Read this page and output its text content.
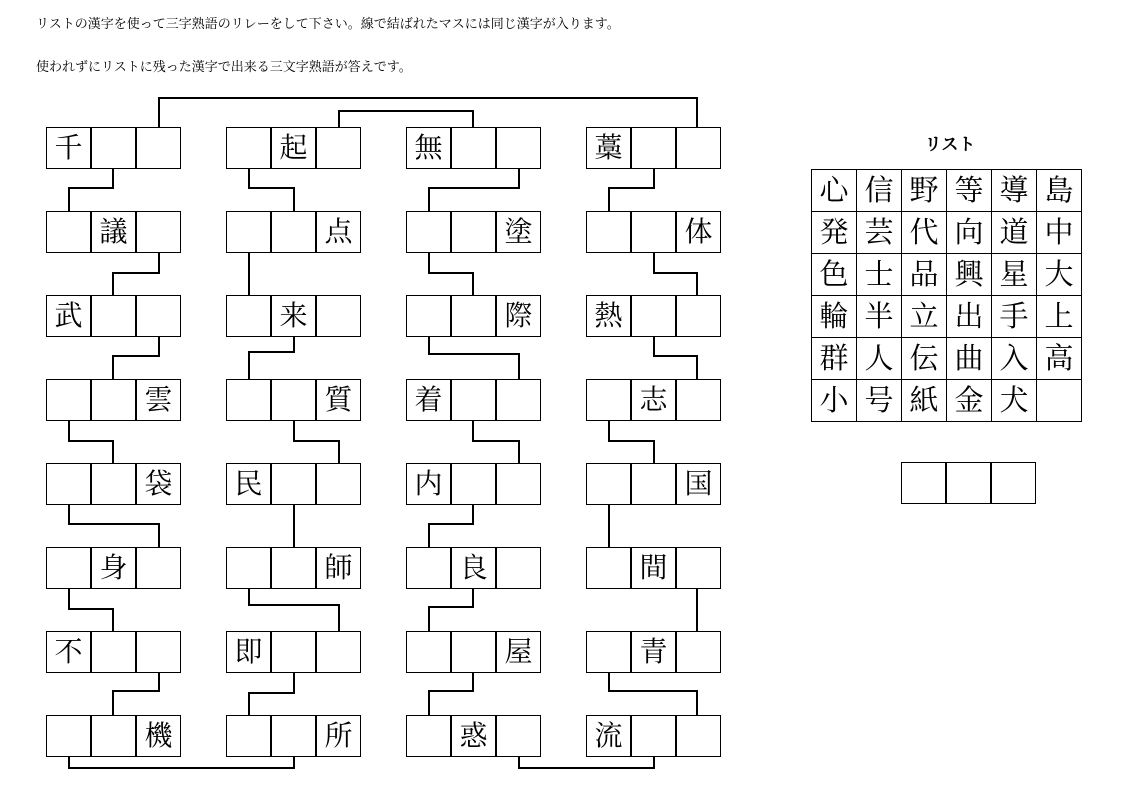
リストの漢字を使って三字熟語のリレーをして下さい。線で結ばれたマスには同じ漢字が入ります。
使われずにリストに残った漢字で出来る三文字熟語が答えです。
千
議
武
雲
袋
身
不
機
起
点
来
質
民
師
即
所
無
塗
際
着
内
良
屋
惑
藁
体
熱
志
国
間
青
流
リスト
心 信 野 等 導 島
発 芸 代 向 道 中
色 士 品 興 星 大
輪 半 立 出 手 上
群 人 伝 曲 入 高
小 号 紙 金 犬
